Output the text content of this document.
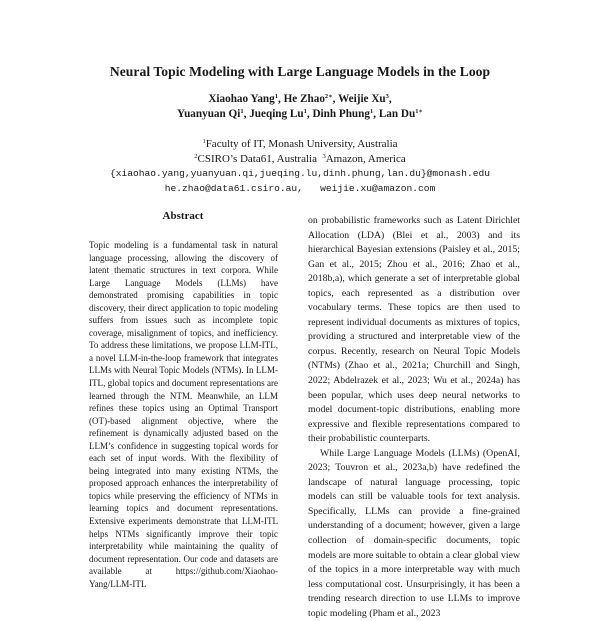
Neural Topic Modeling with Large Language Models in the Loop
Xiaohao Yang$^1$, He Zhao$^{2∗}$, Weijie Xu$^3$,
Yuanyuan Qi$^1$, Jueqing Lu$^1$, Dinh Phung$^1$, Lan $Du^{1∗}$
$^1$Faculty of IT, Monash University, Australia
$^2$CSIRO’s Data61, Australia $^3$Amazon, America
{xiaohao.yang,yuanyuan.qi,jueqing.lu,dinh.phung,lan.du}@monash.edu
he.zhao@data61.csiro.au,   weijie.xu@amazon.com
Abstract
Topic modeling is a fundamental task in natural language processing, allowing the discovery of latent thematic structures in text corpora. While Large Language Models (LLMs) have demonstrated promising capabilities in topic discovery, their direct application to topic modeling suffers from issues such as incomplete topic coverage, misalignment of topics, and inefficiency. To address these limitations, we propose LLM-ITL, a novel LLM-in-the-loop framework that integrates LLMs with Neural Topic Models (NTMs). In LLM-ITL, global topics and document representations are learned through the NTM. Meanwhile, an LLM refines these topics using an Optimal Transport (OT)-based alignment objective, where the refinement is dynamically adjusted based on the LLM’s confidence in suggesting topical words for each set of input words. With the flexibility of being integrated into many existing NTMs, the proposed approach enhances the interpretability of topics while preserving the efficiency of NTMs in learning topics and document representations. Extensive experiments demonstrate that LLM-ITL helps NTMs significantly improve their topic interpretability while maintaining the quality of document representation. Our code and datasets are available at https://github.com/Xiaohao-Yang/LLM-ITL

on probabilistic frameworks such as Latent Dirichlet Allocation (LDA) (Blei et al., 2003) and its hierarchical Bayesian extensions (Paisley et al., 2015; Gan et al., 2015; Zhou et al., 2016; Zhao et al., 2018b,a), which generate a set of interpretable global topics, each represented as a distribution over vocabulary terms. These topics are then used to represent individual documents as mixtures of topics, providing a structured and interpretable view of the corpus. Recently, research on Neural Topic Models (NTMs) (Zhao et al., 2021a; Churchill and Singh, 2022; Abdelrazek et al., 2023; Wu et al., 2024a) has been popular, which uses deep neural networks to model document-topic distributions, enabling more expressive and flexible representations compared to their probabilistic counterparts.

While Large Language Models (LLMs) (OpenAI, 2023; Touvron et al., 2023a,b) have redefined the landscape of natural language processing, topic models can still be valuable tools for text analysis. Specifically, LLMs can provide a fine-grained understanding of a document; however, given a large collection of domain-specific documents, topic models are more suitable to obtain a clear global view of the topics in a more interpretable way with much less computational cost. Unsurprisingly, it has been a trending research direction to use LLMs to improve topic modeling (Pham et al., 2023
